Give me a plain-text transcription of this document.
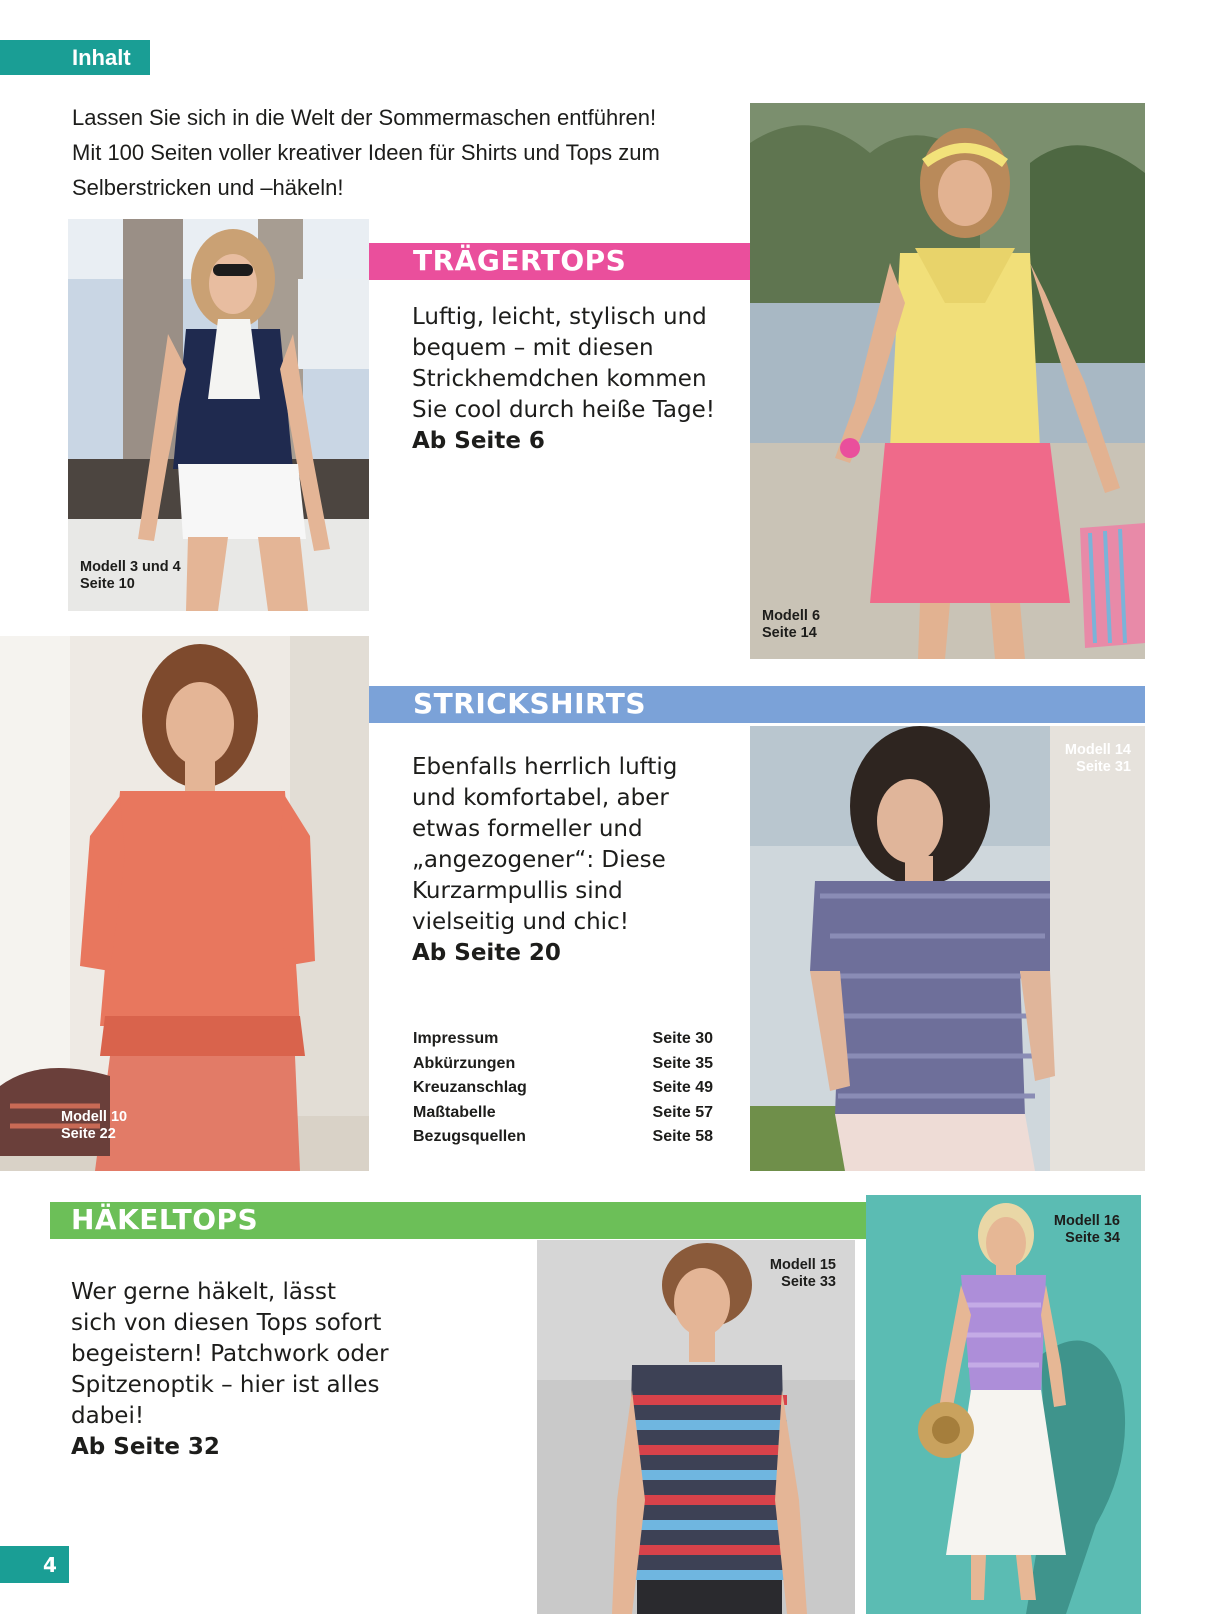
Inhalt
Lassen Sie sich in die Welt der Sommermaschen entführen!
Mit 100 Seiten voller kreativer Ideen für Shirts und Tops zum
Selberstricken und –häkeln!
Modell 3 und 4
Seite 10
TRÄGERTOPS
Luftig, leicht, stylisch und
bequem – mit diesen
Strickhemdchen kommen
Sie cool durch heiße Tage!
Ab Seite 6
Modell 6
Seite 14
Modell 10
Seite 22
STRICKSHIRTS
Ebenfalls herrlich luftig
und komfortabel, aber
etwas formeller und
„angezogener“: Diese
Kurzarmpullis sind
vielseitig und chic!
Ab Seite 20
Modell 14
Seite 31
Impressum	Seite 30
Abkürzungen	Seite 35
Kreuzanschlag	Seite 49
Maßtabelle	Seite 57
Bezugsquellen	Seite 58
HÄKELTOPS
Wer gerne häkelt, lässt
sich von diesen Tops sofort
begeistern! Patchwork oder
Spitzenoptik – hier ist alles
dabei!
Ab Seite 32
Modell 15
Seite 33
Modell 16
Seite 34
4
